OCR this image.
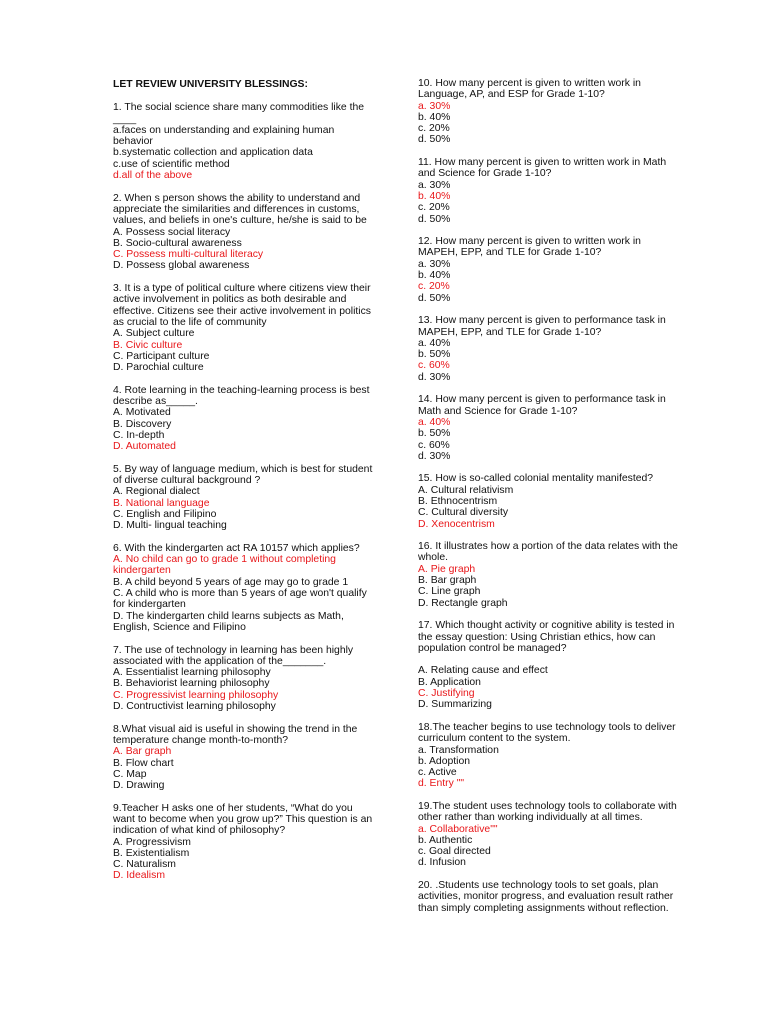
LET REVIEW UNIVERSITY BLESSINGS:

1. The social science share many commodities like the ____

a.faces on understanding and explaining human behavior

b.systematic collection and application data

c.use of scientific method

d.all of the above

2. When s person shows the ability to understand and appreciate the similarities and differences in customs, values, and beliefs in one's culture, he/she is said to be

A. Possess social literacy

B. Socio-cultural awareness

C. Possess multi-cultural literacy

D. Possess global awareness

3. It is a type of political culture where citizens view their active involvement in politics as both desirable and effective. Citizens see their active involvement in politics as crucial to the life of community

A. Subject culture

B. Civic culture

C. Participant culture

D. Parochial culture

4. Rote learning in the teaching-learning process is best describe as_____.

A. Motivated

B. Discovery

C. In-depth

D. Automated

5. By way of language medium, which is best for student of diverse cultural background ?

A. Regional dialect

B. National language

C. English and Filipino

D. Multi- lingual teaching

6. With the kindergarten act RA 10157 which applies?

A. No child can go to grade 1 without completing kindergarten

B. A child beyond 5 years of age may go to grade 1

C. A child who is more than 5 years of age won't qualify for kindergarten

D. The kindergarten child learns subjects as Math, English, Science and Filipino

7. The use of technology in learning has been highly associated with the application of the_______.

A. Essentialist learning philosophy

B. Behaviorist learning philosophy

C. Progressivist learning philosophy

D. Contructivist learning philosophy

8.What visual aid is useful in showing the trend in the temperature change month-to-month?

A. Bar graph

B. Flow chart

C. Map

D. Drawing

9.Teacher H asks one of her students, “What do you want to become when you grow up?” This question is an indication of what kind of philosophy?

A. Progressivism

B. Existentialism

C. Naturalism

D. Idealism

10. How many percent is given to written work in Language, AP, and ESP for Grade 1-10?

a. 30%

b. 40%

c. 20%

d. 50%

11. How many percent is given to written work in Math and Science for Grade 1-10?

a. 30%

b. 40%

c. 20%

d. 50%

12. How many percent is given to written work in MAPEH, EPP, and TLE for Grade 1-10?

a. 30%

b. 40%

c. 20%

d. 50%

13. How many percent is given to performance task in MAPEH, EPP, and TLE for Grade 1-10?

a. 40%

b. 50%

c. 60%

d. 30%

14. How many percent is given to performance task in Math and Science for Grade 1-10?

a. 40%

b. 50%

c. 60%

d. 30%

15. How is so-called colonial mentality manifested?

A. Cultural relativism

B. Ethnocentrism

C. Cultural diversity

D. Xenocentrism

16. It illustrates how a portion of the data relates with the whole.

A. Pie graph

B. Bar graph

C. Line graph

D. Rectangle graph

17. Which thought activity or cognitive ability is tested in the essay question: Using Christian ethics, how can population control be managed?

A. Relating cause and effect

B. Application

C. Justifying

D. Summarizing

18.The teacher begins to use technology tools to deliver curriculum content to the system.

a. Transformation

b. Adoption

c. Active

d. Entry ""

19.The student uses technology tools to collaborate with other rather than working individually at all times.

a. Collaborative""

b. Authentic

c. Goal directed

d. Infusion

20. .Students use technology tools to set goals, plan activities, monitor progress, and evaluation result rather than simply completing assignments without reflection.
